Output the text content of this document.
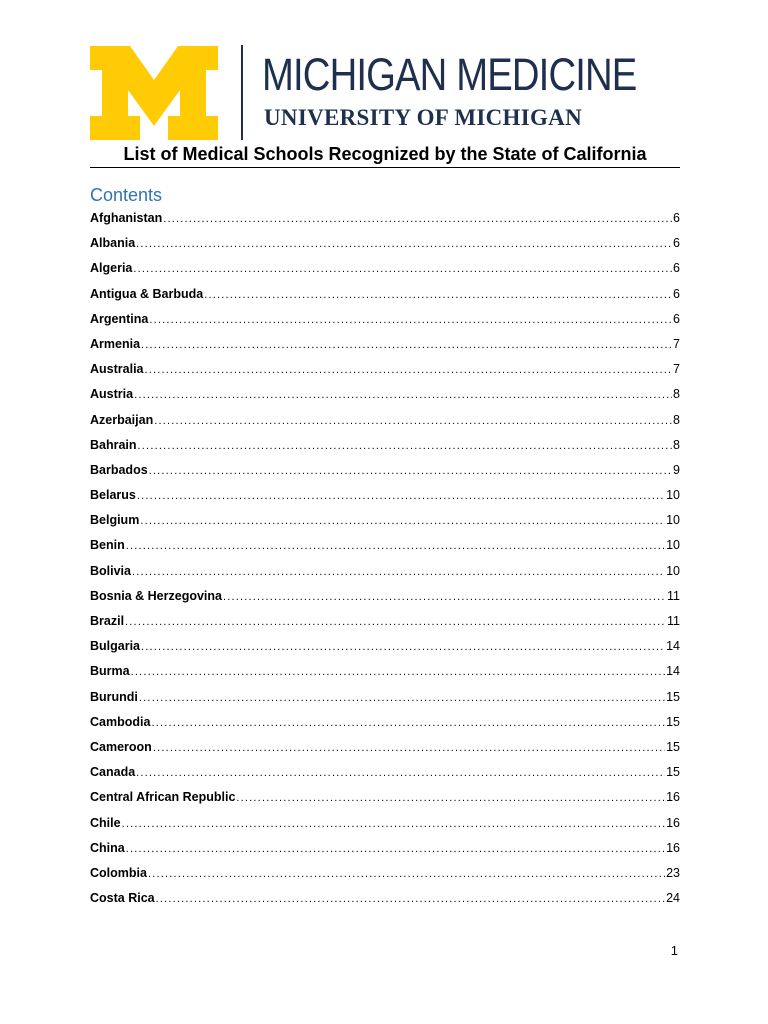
MICHIGAN MEDICINE
UNIVERSITY OF MICHIGAN
List of Medical Schools Recognized by the State of California
Contents
Afghanistan .....	6
Albania .....	6
Algeria .....	6
Antigua & Barbuda .....	6
Argentina .....	6
Armenia .....	7
Australia .....	7
Austria .....	8
Azerbaijan .....	8
Bahrain .....	8
Barbados .....	9
Belarus .....	10
Belgium .....	10
Benin .....	10
Bolivia .....	10
Bosnia & Herzegovina .....	11
Brazil .....	11
Bulgaria .....	14
Burma .....	14
Burundi .....	15
Cambodia .....	15
Cameroon .....	15
Canada .....	15
Central African Republic .....	16
Chile .....	16
China .....	16
Colombia .....	23
Costa Rica .....	24
1
